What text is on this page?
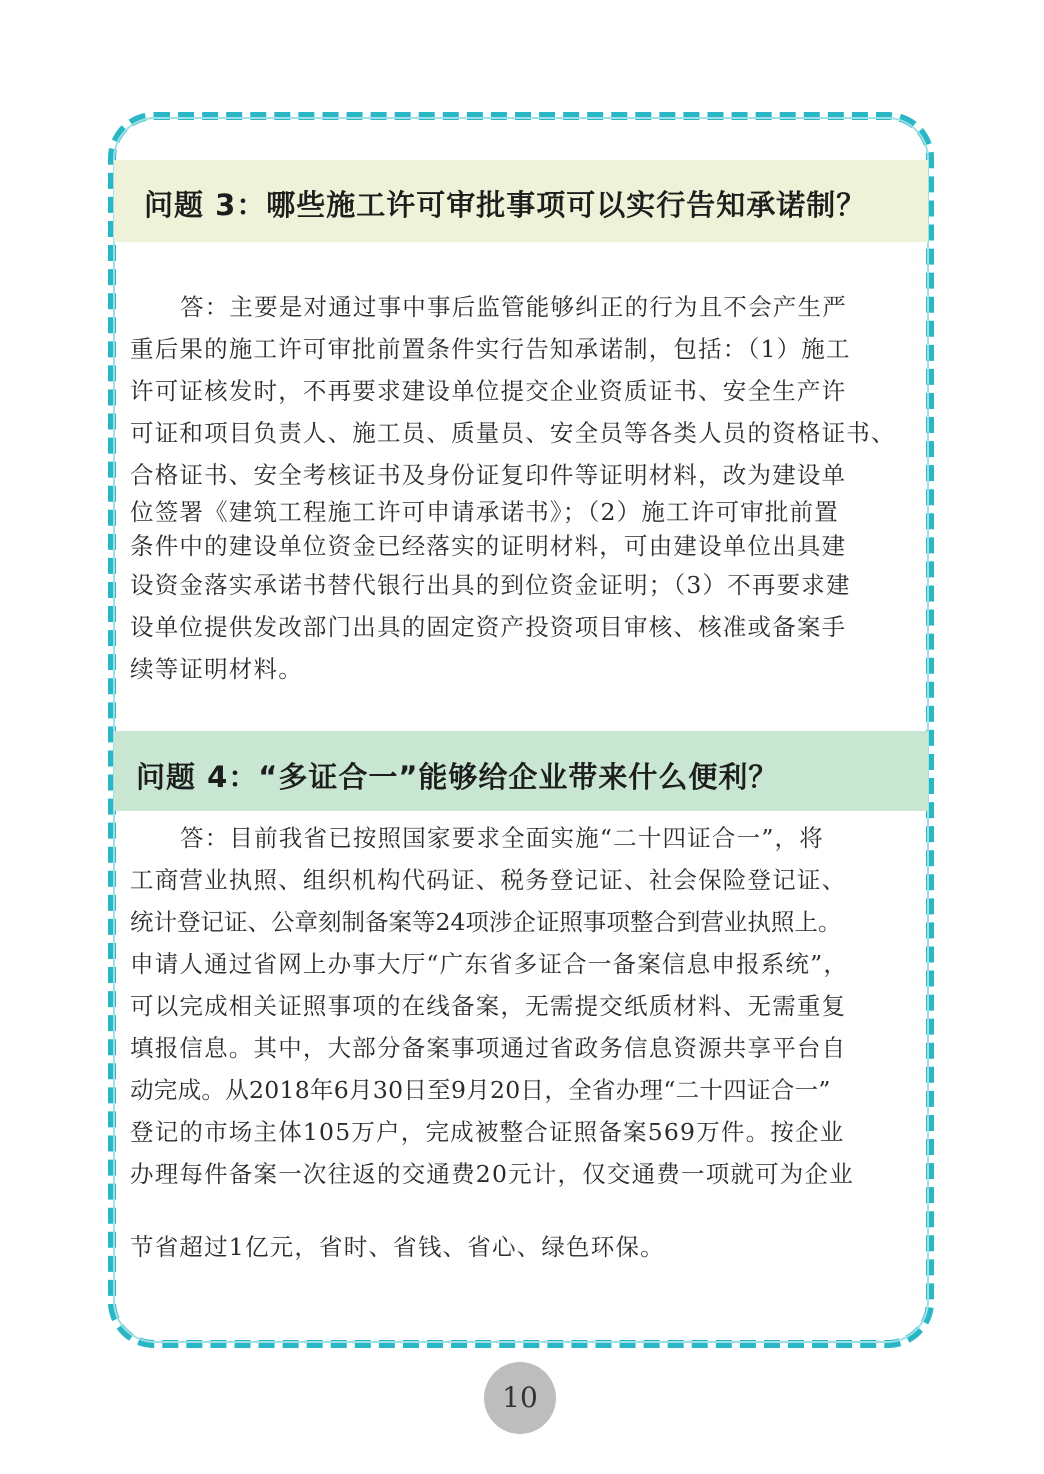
问题 3：哪些施工许可审批事项可以实行告知承诺制？
答：主要是对通过事中事后监管能够纠正的行为且不会产生严
重后果的施工许可审批前置条件实行告知承诺制，包括：（1）施工
许可证核发时，不再要求建设单位提交企业资质证书、安全生产许
可证和项目负责人、施工员、质量员、安全员等各类人员的资格证书、
合格证书、安全考核证书及身份证复印件等证明材料，改为建设单
位签署《建筑工程施工许可申请承诺书》；（2）施工许可审批前置
条件中的建设单位资金已经落实的证明材料，可由建设单位出具建
设资金落实承诺书替代银行出具的到位资金证明；（3）不再要求建
设单位提供发改部门出具的固定资产投资项目审核、核准或备案手
续等证明材料。
问题 4：“多证合一”能够给企业带来什么便利？
答：目前我省已按照国家要求全面实施“二十四证合一”，将
工商营业执照、组织机构代码证、税务登记证、社会保险登记证、
统计登记证、公章刻制备案等24项涉企证照事项整合到营业执照上。
申请人通过省网上办事大厅“广东省多证合一备案信息申报系统”，
可以完成相关证照事项的在线备案，无需提交纸质材料、无需重复
填报信息。其中，大部分备案事项通过省政务信息资源共享平台自
动完成。从2018年6月30日至9月20日，全省办理“二十四证合一”
登记的市场主体105万户，完成被整合证照备案569万件。按企业
办理每件备案一次往返的交通费20元计，仅交通费一项就可为企业
节省超过1亿元，省时、省钱、省心、绿色环保。
10
